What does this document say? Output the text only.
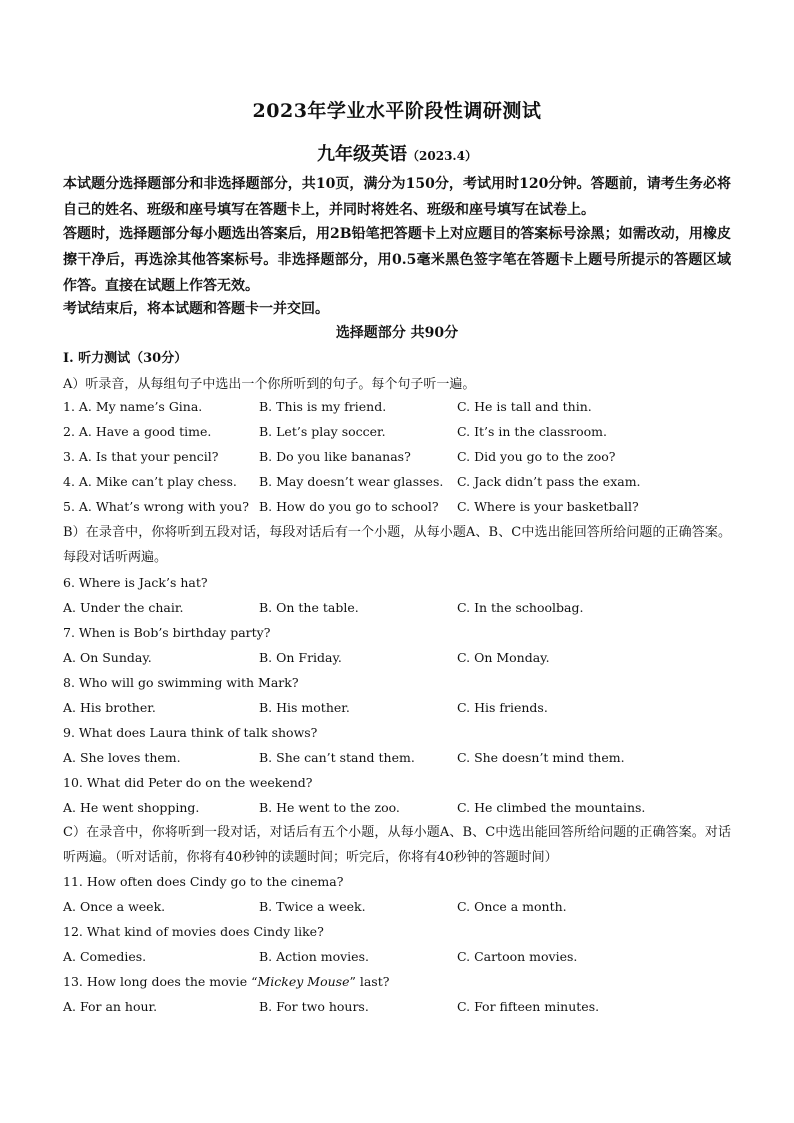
2023年学业水平阶段性调研测试
九年级英语（2023.4）
本试题分选择题部分和非选择题部分，共10页，满分为150分，考试用时120分钟。答题前，请考生务必将自己的姓名、班级和座号填写在答题卡上，并同时将姓名、班级和座号填写在试卷上。
答题时，选择题部分每小题选出答案后，用2B铅笔把答题卡上对应题目的答案标号涂黑；如需改动，用橡皮擦干净后，再选涂其他答案标号。非选择题部分，用0.5毫米黑色签字笔在答题卡上题号所提示的答题区域作答。直接在试题上作答无效。
考试结束后，将本试题和答题卡一并交回。
选择题部分 共90分
Ⅰ. 听力测试（30分）
A）听录音，从每组句子中选出一个你所听到的句子。每个句子听一遍。
1. A. My name’s Gina.	B. This is my friend.	C. He is tall and thin.
2. A. Have a good time.	B. Let’s play soccer.	C. It’s in the classroom.
3. A. Is that your pencil?	B. Do you like bananas?	C. Did you go to the zoo?
4. A. Mike can’t play chess. B. May doesn’t wear glasses. C. Jack didn’t pass the exam.
5. A. What’s wrong with you? B. How do you go to school? C. Where is your basketball?
B）在录音中，你将听到五段对话，每段对话后有一个小题，从每小题A、B、C中选出能回答所给问题的正确答案。每段对话听两遍。
6. Where is Jack’s hat?
A. Under the chair.	B. On the table.	C. In the schoolbag.
7. When is Bob’s birthday party?
A. On Sunday.	B. On Friday.	C. On Monday.
8. Who will go swimming with Mark?
A. His brother.	B. His mother.	C. His friends.
9. What does Laura think of talk shows?
A. She loves them.	B. She can’t stand them.	C. She doesn’t mind them.
10. What did Peter do on the weekend?
A. He went shopping.	B. He went to the zoo.	C. He climbed the mountains.
C）在录音中，你将听到一段对话，对话后有五个小题，从每小题A、B、C中选出能回答所给问题的正确答案。对话听两遍。（听对话前，你将有40秒钟的读题时间；听完后，你将有40秒钟的答题时间）
11. How often does Cindy go to the cinema?
A. Once a week.	B. Twice a week.	C. Once a month.
12. What kind of movies does Cindy like?
A. Comedies.	B. Action movies.	C. Cartoon movies.
13. How long does the movie “Mickey Mouse” last?
A. For an hour.	B. For two hours.	C. For fifteen minutes.
